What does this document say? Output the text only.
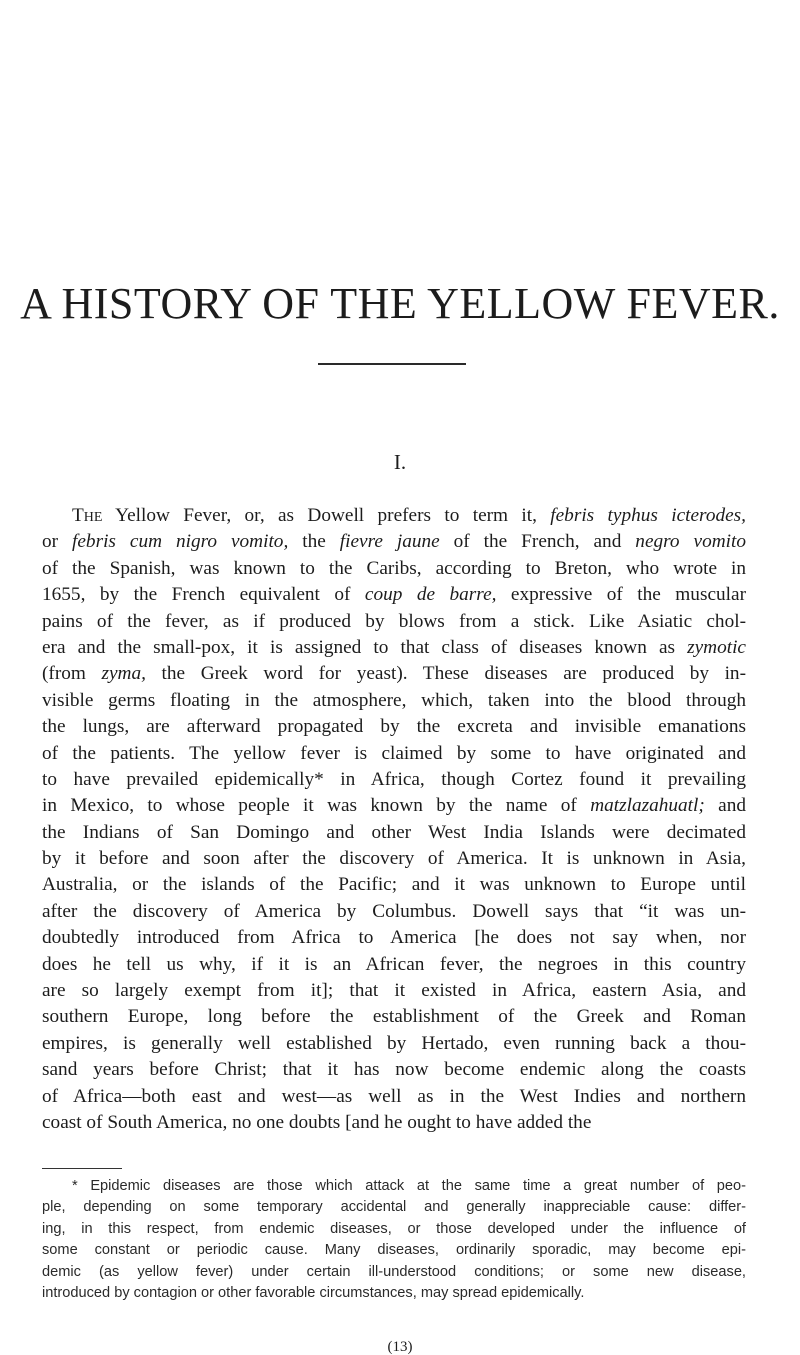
A HISTORY OF THE YELLOW FEVER.
I.
The Yellow Fever, or, as Dowell prefers to term it, febris typhus icterodes,
or febris cum nigro vomito, the fievre jaune of the French, and negro vomito
of the Spanish, was known to the Caribs, according to Breton, who wrote in
1655, by the French equivalent of coup de barre, expressive of the muscular
pains of the fever, as if produced by blows from a stick. Like Asiatic chol-
era and the small-pox, it is assigned to that class of diseases known as zymotic
(from zyma, the Greek word for yeast). These diseases are produced by in-
visible germs floating in the atmosphere, which, taken into the blood through
the lungs, are afterward propagated by the excreta and invisible emanations
of the patients. The yellow fever is claimed by some to have originated and
to have prevailed epidemically* in Africa, though Cortez found it prevailing
in Mexico, to whose people it was known by the name of matzlazahuatl; and
the Indians of San Domingo and other West India Islands were decimated
by it before and soon after the discovery of America. It is unknown in Asia,
Australia, or the islands of the Pacific; and it was unknown to Europe until
after the discovery of America by Columbus. Dowell says that “it was un-
doubtedly introduced from Africa to America [he does not say when, nor
does he tell us why, if it is an African fever, the negroes in this country
are so largely exempt from it]; that it existed in Africa, eastern Asia, and
southern Europe, long before the establishment of the Greek and Roman
empires, is generally well established by Hertado, even running back a thou-
sand years before Christ; that it has now become endemic along the coasts
of Africa—both east and west—as well as in the West Indies and northern
coast of South America, no one doubts [and he ought to have added the
* Epidemic diseases are those which attack at the same time a great number of peo-
ple, depending on some temporary accidental and generally inappreciable cause: differ-
ing, in this respect, from endemic diseases, or those developed under the influence of
some constant or periodic cause. Many diseases, ordinarily sporadic, may become epi-
demic (as yellow fever) under certain ill-understood conditions; or some new disease,
introduced by contagion or other favorable circumstances, may spread epidemically.
(13)
